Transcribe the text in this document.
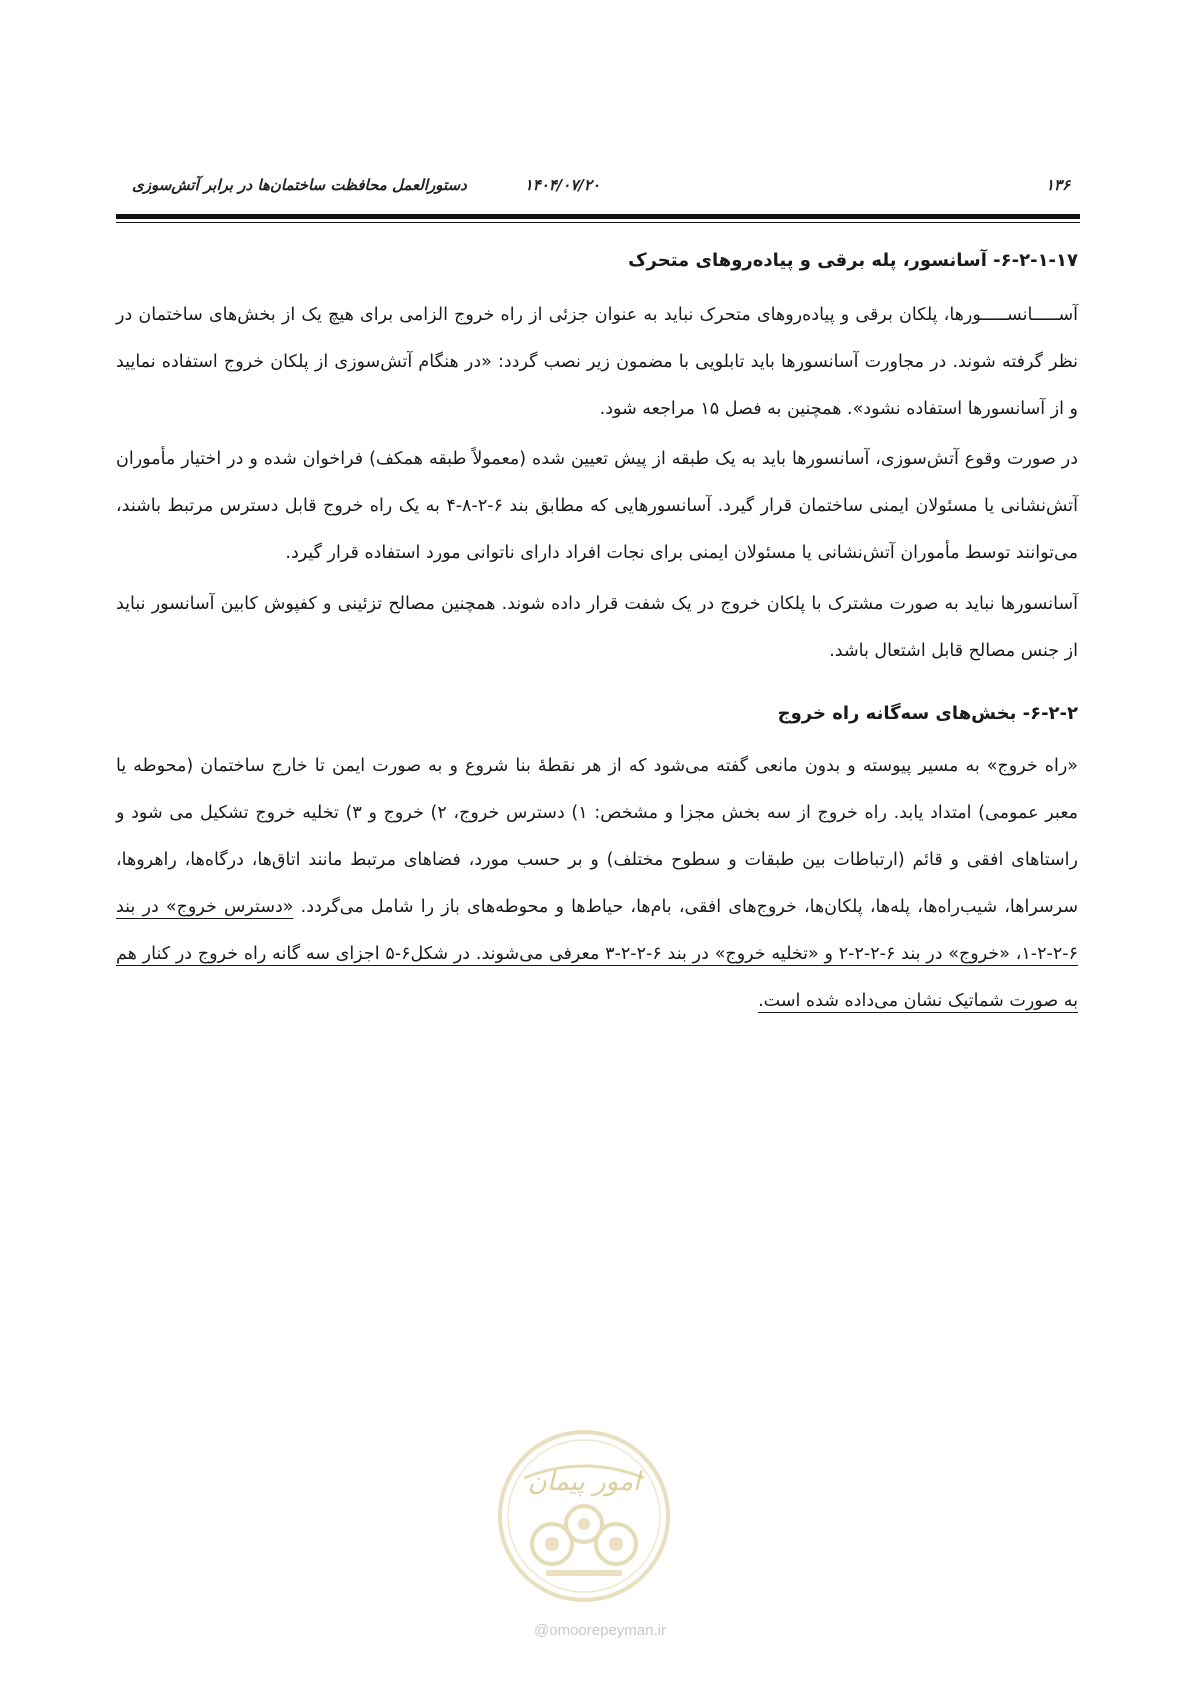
۱۳۶
۱۴۰۴/۰۷/۲۰
دستورالعمل محافظت ساختمان‌ها در برابر آتش‌سوزی
۶-۲-۱-۱۷- آسانسور، پله برقی و پیاده‌روهای متحرک

آســـــانســـــورها، پلکان برقی و پیاده‌روهای متحرک نباید به عنوان جزئی از راه خروج الزامی برای هیچ یک از بخش‌های ساختمان در نظر گرفته شوند. در مجاورت آسانسورها باید تابلویی با مضمون زیر نصب گردد: «در هنگام آتش‌سوزی از پلکان خروج استفاده نمایید و از آسانسورها استفاده نشود». همچنین به فصل ۱۵ مراجعه شود.

در صورت وقوع آتش‌سوزی، آسانسورها باید به یک طبقه از پیش تعیین شده (معمولاً طبقه همکف) فراخوان شده و در اختیار مأموران آتش‌نشانی یا مسئولان ایمنی ساختمان قرار گیرد. آسانسورهایی که مطابق بند ۶-۲-۸-۴ به یک راه خروج قابل دسترس مرتبط باشند، می‌توانند توسط مأموران آتش‌نشانی یا مسئولان ایمنی برای نجات افراد دارای ناتوانی مورد استفاده قرار گیرد.

آسانسورها نباید به صورت مشترک با پلکان خروج در یک شفت قرار داده شوند. همچنین مصالح تزئینی و کفپوش کابین آسانسور نباید از جنس مصالح قابل اشتعال باشد.

۶-۲-۲- بخش‌های سه‌گانه راه خروج

«راه خروج» به مسیر پیوسته و بدون مانعی گفته می‌شود که از هر نقطهٔ بنا شروع و به صورت ایمن تا خارج ساختمان (محوطه یا معبر عمومی) امتداد یابد. راه خروج از سه بخش مجزا و مشخص: ۱) دسترس خروج، ۲) خروج و ۳) تخلیه خروج تشکیل می شود و راستاهای افقی و قائم (ارتباطات بین طبقات و سطوح مختلف) و بر حسب مورد، فضاهای مرتبط مانند اتاق‌ها، درگاه‌ها، راهروها، سرسراها، شیب‌راه‌ها، پله‌ها، پلکان‌ها، خروج‌های افقی، بام‌ها، حیاط‌ها و محوطه‌های باز را شامل می‌گردد. «دسترس خروج» در بند ۶-۲-۲-۱، «خروج» در بند ۶-۲-۲-۲ و «تخلیه خروج» در بند ۶-۲-۲-۳ معرفی می‌شوند. در شکل۶-۵ اجزای سه گانه راه خروج در کنار هم به صورت شماتیک نشان می‌داده شده است.

امور پیمان
@omoorepeyman.ir
